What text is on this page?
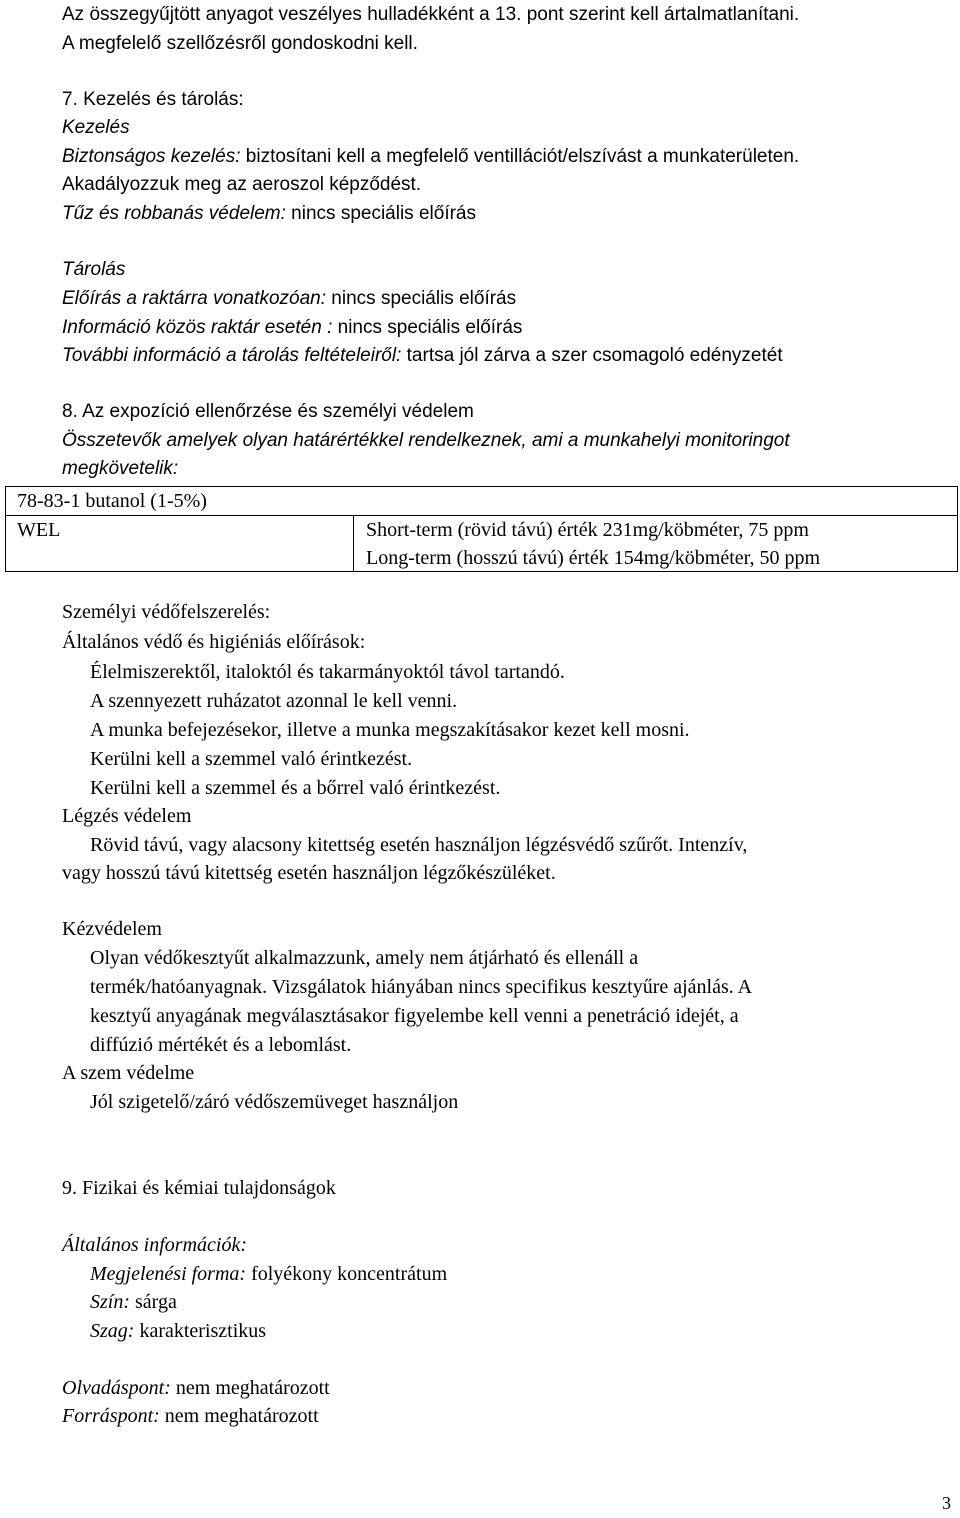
Az összegyűjtött anyagot veszélyes hulladékként a 13. pont szerint kell ártalmatlanítani.
A megfelelő szellőzésről gondoskodni kell.
7. Kezelés és tárolás:
Kezelés
Biztonságos kezelés: biztosítani kell a megfelelő ventillációt/elszívást a munkaterületen.
Akadályozzuk meg az aeroszol képződést.
Tűz és robbanás védelem: nincs speciális előírás
Tárolás
Előírás a raktárra vonatkozóan: nincs speciális előírás
Információ közös raktár esetén : nincs speciális előírás
További információ a tárolás feltételeiről: tartsa jól zárva a szer csomagoló edényzetét
8. Az expozíció ellenőrzése és személyi védelem
Összetevők amelyek olyan határértékkel rendelkeznek, ami a munkahelyi monitoringot
megkövetelik:
78-83-1 butanol (1-5%)
WEL	Short-term (rövid távú) érték 231mg/köbméter, 75 ppm
Long-term (hosszú távú) érték 154mg/köbméter, 50 ppm
Személyi védőfelszerelés:
Általános védő és higiéniás előírások:
Élelmiszerektől, italoktól és takarmányoktól távol tartandó.
A szennyezett ruházatot azonnal le kell venni.
A munka befejezésekor, illetve a munka megszakításakor kezet kell mosni.
Kerülni kell a szemmel való érintkezést.
Kerülni kell a szemmel és a bőrrel való érintkezést.
Légzés védelem
Rövid távú, vagy alacsony kitettség esetén használjon légzésvédő szűrőt. Intenzív,
vagy hosszú távú kitettség esetén használjon légzőkészüléket.
Kézvédelem
Olyan védőkesztyűt alkalmazzunk, amely nem átjárható és ellenáll a
termék/hatóanyagnak. Vizsgálatok hiányában nincs specifikus kesztyűre ajánlás. A
kesztyű anyagának megválasztásakor figyelembe kell venni a penetráció idejét, a
diffúzió mértékét és a lebomlást.
A szem védelme
Jól szigetelő/záró védőszemüveget használjon
9. Fizikai és kémiai tulajdonságok
Általános információk:
Megjelenési forma: folyékony koncentrátum
Szín: sárga
Szag: karakterisztikus
Olvadáspont: nem meghatározott
Forráspont: nem meghatározott
3
